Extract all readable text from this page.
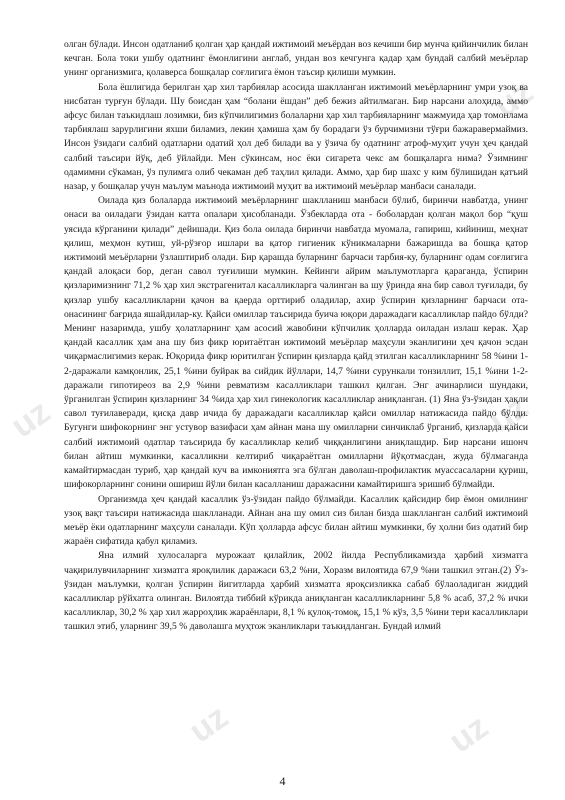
uz
uz	uz
uz	uz

олган бўлади. Инсон одатланиб қолган ҳар қандай ижтимоий меъёрдан воз кечиши бир мунча қийинчилик билан кечган. Бола токи ушбу одатнинг ёмонлигини англаб, ундан воз кечгунга қадар ҳам бундай салбий меъёрлар унинг организмига, қолаверса бошқалар соғлигига ёмон таъсир қилиши мумкин.

Бола ёшлигида берилган ҳар хил тарбиялар асосида шаклланган ижтимоий меъёрларнинг умри узоқ ва нисбатан турғун бўлади. Шу боисдан ҳам “болани ёшдан” деб бежиз айтилмаган. Бир нарсани алоҳида, аммо афсус билан таъкидлаш лозимки, биз кўпчилигимиз болаларни ҳар хил тарбияларнинг мажмуида ҳар томонлама тарбиялаш зарурлигини яхши биламиз, лекин ҳамиша ҳам бу борадаги ўз бурчимизни тўғри бажаравермаймиз. Инсон ўзидаги салбий одатларни одатий ҳол деб билади ва у ўзича бу одатнинг атроф-муҳит учун ҳеч қандай салбий таъсири йўқ, деб ўйлайди. Мен сўкинсам, нос ёки сигарета чекс ам бошқаларга нима? Ўзимнинг одамимни сўкаман, ўз пулимга олиб чекаман деб таҳлил қилади. Аммо, ҳар бир шахс у ким бўлишидан қатъий назар, у бошқалар учун маълум маънода ижтимоий муҳит ва ижтимоий меъёрлар манбаси саналади.

Оилада қиз болаларда ижтимоий меъёрларнинг шаклланиш манбаси бўлиб, биринчи навбатда, унинг онаси ва оиладаги ўзидан катта опалари ҳисобланади. Ўзбекларда ота - боболардан қолган мақол бор “қуш уясида кўрганини қилади” дейишади. Қиз бола оилада биринчи навбатда муомала, гапириш, кийиниш, меҳнат қилиш, меҳмон кутиш, уй-рўзғор ишлари ва қатор гигиеник кўникмаларни бажаришда ва бошқа қатор ижтимоий меъёрларни ўзлаштириб олади. Бир қарашда буларнинг барчаси тарбия-ку, буларнинг одам соғлигига қандай алоқаси бор, деган савол туғилиши мумкин. Кейинги айрим маълумотларга қараганда, ўспирин қизларимизнинг 71,2 % ҳар хил экстрагенитал касалликларга чалинган ва шу ўринда яна бир савол туғилади, бу қизлар ушбу касалликларни қачон ва қаерда орттириб оладилар, ахир ўспирин қизларнинг барчаси ота-онасининг бағрида яшайдилар-ку. Қайси омиллар таъсирида буича юқори даражадаги касалликлар пайдо бўлди? Менинг назаримда, ушбу ҳолатларнинг ҳам асосий жавобини кўпчилик ҳолларда оиладан излаш керак. Ҳар қандай касаллик ҳам ана шу биз фикр юритаётган ижтимоий меъёрлар маҳсули эканлигини ҳеч қачон эсдан чиқармаслигимиз керак. Юқорида фикр юритилган ўспирин қизларда қайд этилган касалликларнинг 58 %ини 1-2-даражали камқонлик, 25,1 %ини буйрак ва сийдик йўллари, 14,7 %ини сурункали тонзиллит, 15,1 %ини 1-2-даражали гипотиреоз ва 2,9 %ини ревматизм касалликлари ташкил қилган. Энг ачинарлиси шундаки, ўрганилган ўспирин қизларнинг 34 %ида ҳар хил гинекологик касалликлар аниқланган. (1) Яна ўз-ўзидан ҳақли савол туғилаверади, қисқа давр ичида бу даражадаги касалликлар қайси омиллар натижасида пайдо бўлди. Бугунги шифокорнинг энг устувор вазифаси ҳам айнан мана шу омилларни синчиклаб ўрганиб, қизларда қайси салбий ижтимоий одатлар таъсирида бу касалликлар келиб чиққанлигини аниқлашдир. Бир нарсани ишонч билан айтиш мумкинки, касалликни келтириб чиқараётган омилларни йўқотмасдан, жуда бўлмаганда камайтирмасдан туриб, ҳар қандай куч ва имкониятга эга бўлган даволаш-профилактик муассасаларни қуриш, шифокорларнинг сонини ошириш йўли билан касалланиш даражасини камайтиришга эришиб бўлмайди.

Организмда ҳеч қандай касаллик ўз-ўзидан пайдо бўлмайди. Касаллик қайсидир бир ёмон омилнинг узоқ вақт таъсири натижасида шаклланади. Айнан ана шу омил сиз билан бизда шаклланган салбий ижтимоий меъёр ёки одатларнинг маҳсули саналади. Кўп ҳолларда афсус билан айтиш мумкинки, бу ҳолни биз одатий бир жараён сифатида қабул қиламиз.

Яна илмий хулосаларга мурожаат қилайлик, 2002 йилда Республикамизда ҳарбий хизматга чақирилувчиларнинг хизматга яроқлилик даражаси 63,2 %ни, Хоразм вилоятида 67,9 %ни ташкил этган.(2) Ўз-ўзидан маълумки, қолган ўспирин йигитларда ҳарбий хизматга яроқсизликка сабаб бўлаоладиган жиддий касалликлар рўйхатга олинган. Вилоятда тиббий кўрикда аниқланган касалликларнинг 5,8 % асаб, 37,2 % ички касалликлар, 30,2 % ҳар хил жарроҳлик жараёнлари, 8,1 % қулоқ-томоқ, 15,1 % кўз, 3,5 %ини тери касалликлари ташкил этиб, уларнинг 39,5 % даволашга муҳтож эканликлари таъкидланган. Бундай илмий

4
